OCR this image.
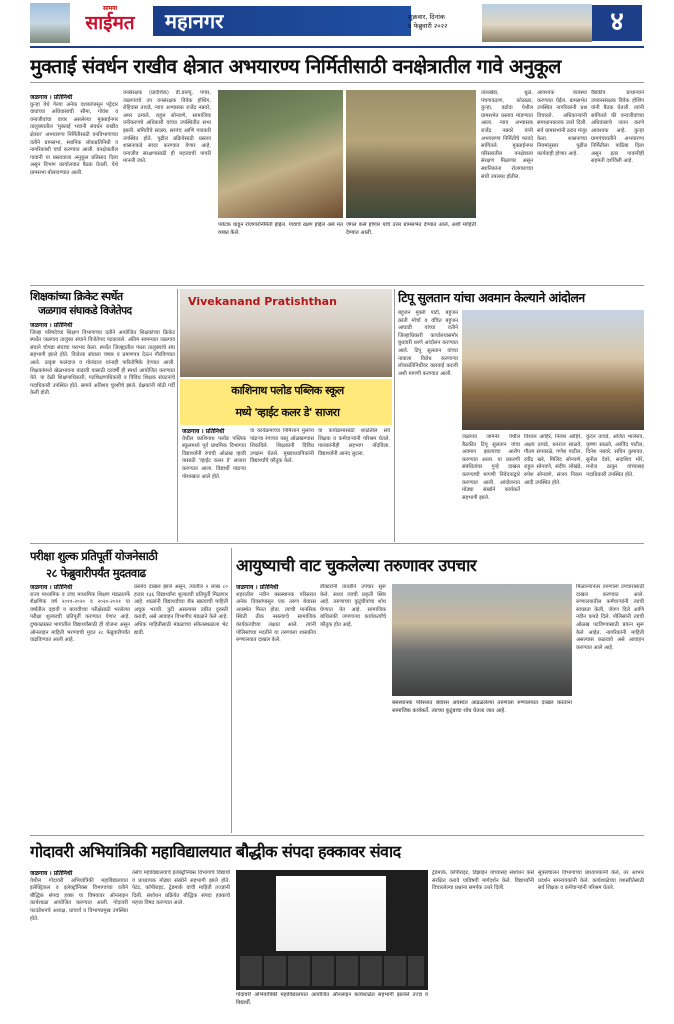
सामना
साईमत	महानगर	शुक्रवार, दिनांक
४ फेब्रुवारी २०२२	४
मुक्ताई संवर्धन राखीव क्षेत्रात अभयारण्य निर्मितीसाठी वनक्षेत्रातील गावे अनुकूल
जळगाव । प्रतिनिधी

कुऱ्हा येथे गेल्या अनेक दशकांपासून पट्टेदार वाघांच्या अधिवासाची सीमा, गोवंश व वन्यजीवांचा वावर असलेल्या मुक्ताईनगर तालुक्यातील 'मुक्ताई भवानी संवर्धन राखीव क्षेत्रात' अभयारण्य निर्मितीसाठी वनविभागाच्या वतीने ग्रामसभा, स्थानिक लोकप्रतिनिधी व नागरिकांशी चर्चा करण्यात आली. वनक्षेत्रातील गावांनी या प्रस्तावाला अनुकूल प्रतिसाद दिला असून विभाग कार्यालयात बैठक घेतली. येथे ग्रामसभा बोलावण्यात आली.

वनसंरक्षक (प्रादेशिक) डी.डब्ल्यू. पगार, जळगावचे उप वनसंरक्षक विवेक होशिंग, रोहिदास तायडे, न्याय अभ्यासक राजेंद्र नन्नवरे, अमर ठमाले, राहुल सोनवणे, सामाजिक वनीकरणचे अधिकारी यांच्या उपस्थितीत सभा झाली. समितीचे सदस्य, सरपंच आणि गावकरी उपस्थित होते. पुढील प्रक्रियेसाठी प्रस्ताव शासनाकडे सादर करण्यात येणार आहे. वन्यजीव संरक्षणासाठी ही महत्त्वाची पायरी मानली जाते.

पर्यटक धाडून रोजगारनिर्मिती होईल. गावाचे रक्षण होईल असे मत व्यक्त केले.
जंगल कसे होणार यांचे उत्तर ग्रामसभेत देण्यात आले, अशी माहिती देण्यात आली.

तालखेडा, धुळे, पंचगावठाण, कोठाळा, कुऱ्हा, वढोदा येथील ग्रामसभेत प्रस्ताव मांडण्यात आला. न्याय अभ्यासक राजेंद्र नन्नवरे यांनी अभयारण्य निर्मितीचे फायदे सांगितले. मुक्ताईनगर परिसरातील वनक्षेत्राला संरक्षण मिळणार असून स्थानिकांना रोजगाराच्या संधी उपलब्ध होतील.

आवश्यक व्यवस्था करण्यात येईल. ग्रामसभेत उपस्थित नागरिकांनी प्रश्न विचारले. अधिकाऱ्यांनी समाधानकारक उत्तरे दिली. सर्व ग्रामसभांनी ठराव मंजूर केला. शासनाच्या नियमांनुसार पुढील कार्यवाही होणार आहे.

वैद्यकीय प्राधान्याने उपवनसंरक्षक विवेक होशिंग यांनी बैठक घेतली. त्यांनी सांगितले की वन्यजीवांच्या अधिवासाचे जतन करणे आवश्यक आहे. कुऱ्हा ग्रामपंचायतीने अभयारण्य निर्मितीला पाठिंबा दिला असून इतर गावांनीही सहमती दर्शविली आहे.

शिक्षकांच्या क्रिकेट स्पर्धेत
जळगाव संघाकडे विजेतेपद
जळगाव । प्रतिनिधी

जिल्हा परिषदेच्या शिक्षण विभागाच्या वतीने आयोजित शिक्षकांच्या क्रिकेट स्पर्धेत जळगाव तालुका संघाने विजेतेपद पटकावले. अंतिम सामन्यात जळगाव संघाने चोपडा संघाचा पराभव केला. स्पर्धेत जिल्ह्यातील पंधरा तालुक्यांचे संघ सहभागी झाले होते. विजेत्या संघाला चषक व प्रमाणपत्र देऊन गौरविण्यात आले. उत्कृष्ट फलंदाज व गोलंदाज यांनाही पारितोषिके देण्यात आली. शिक्षकांमध्ये खेळभावना वाढावी यासाठी दरवर्षी ही स्पर्धा आयोजित करण्यात येते. या वेळी शिक्षणाधिकारी, गटशिक्षणाधिकारी व विविध शिक्षक संघटनांचे पदाधिकारी उपस्थित होते. सामने अतिशय चुरशीचे झाले. प्रेक्षकांनी मोठी गर्दी केली होती.

Vivekanand Pratishthan
काशिनाथ पलोड पब्लिक स्कूल
मध्ये 'व्हाईट कलर डे' साजरा
जळगाव । प्रतिनिधी

येथील काशिनाथ पलोड पब्लिक स्कूलमध्ये पूर्व प्राथमिक विभागात विद्यार्थ्यांनी रंगांची ओळख व्हावी यासाठी 'व्हाईट कलर डे' साजरा करण्यात आला. विद्यार्थी पांढऱ्या पोशाखात आले होते.

या कार्यक्रमाच्या निमित्ताने मुलांना पांढऱ्या रंगाच्या वस्तू ओळखण्यास शिकविले. शिक्षकांनी विविध उपक्रम घेतले. मुख्याध्यापिकांनी विद्यार्थ्यांचे कौतुक केले.

या कार्यक्रमासाठी शाळेतील सर्व शिक्षक व कर्मचाऱ्यांनी परिश्रम घेतले. पालकांनीही सहभाग नोंदविला. विद्यार्थ्यांनी आनंद लुटला.

टिपू सुलतान यांचा अवमान केल्याने आंदोलन

बहुजन मुक्ती पार्टी, बहुजन क्रांती मोर्चा व वंचित बहुजन आघाडी यांच्या वतीने जिल्हाधिकारी कार्यालयासमोर बुधवारी धरणे आंदोलन करण्यात आले. टिपू सुलतान यांच्या नावाला विरोध करणाऱ्या लोकप्रतिनिधींवर कारवाई करावी अशी मागणी करण्यात आली.

जळगाव जामनेर येथील बैठकीत टिपू सुलतान यांचा अवमान झाल्याचा आरोप करण्यात आला. या प्रकरणी संबंधितांवर गुन्हे दाखल करण्याची मागणी निवेदनाद्वारे करण्यात आली. आंदोलनात मोठ्या संख्येने कार्यकर्ते सहभागी झाले.

विशाल आहिरे, निलेश आहिरे, अक्षय तायडे, धनराज साळवे, गौतम सपकाळे, गणेश पाटील, रवींद्र खरे, मिलिंद सोनवणे, राहुल सोनवणे, संदीप लोखंडे, रुपेश सोनवणे, संजय निकम आदी उपस्थित होते.

कुंदन तायडे, अजित भालेराव, कृष्णा साळवे, अरविंद पाटील, दिनेश नन्नवरे, सचिन कुमावत, सुनील देवरे, सदाशिव मोरे, मनोज ठाकूर यांच्यासह पदाधिकारी उपस्थित होते.

परीक्षा शुल्क प्रतिपूर्ती योजनेसाठी
२८ फेब्रुवारीपर्यंत मुदतवाढ
जळगाव । प्रतिनिधी

राज्य माध्यमिक व उच्च माध्यमिक शिक्षण मंडळातर्फे शैक्षणिक वर्ष २०१९-२०२० व २०२०-२०२१ या वर्षांतील दहावी व बारावीच्या परीक्षेसाठी भरलेल्या परीक्षा शुल्काची प्रतिपूर्ती करण्यात येणार आहे. दुष्काळग्रस्त भागातील विद्यार्थ्यांसाठी ही योजना असून ऑनलाइन माहिती भरण्याची मुदत २८ फेब्रुवारीपर्यंत वाढविण्यात आली आहे.

प्रस्ताव दाखल झाले असून, त्यातील २ लाख ८० हजार १३६ विद्यार्थ्यांना शुल्काची प्रतिपूर्ती मिळणार आहे. शाळांनी विद्यार्थ्यांच्या बँक खात्याची माहिती अचूक भरावी. त्रुटी असल्यास त्वरित दुरुस्ती करावी, असे आवाहन विभागीय मंडळाने केले आहे. अधिक माहितीसाठी मंडळाच्या संकेतस्थळाला भेट द्यावी.

आयुष्याची वाट चुकलेल्या तरुणावर उपचार
जळगाव । प्रतिनिधी

शहरातील नवीन बसस्थानक परिसरात अनेक दिवसांपासून एक तरुण बेवारस अवस्थेत फिरत होता. त्याची मानसिक स्थिती ठीक नसल्याचे सामाजिक कार्यकर्त्यांच्या लक्षात आले. त्यांनी पोलिसांच्या मदतीने या तरुणाला शासकीय रुग्णालयात दाखल केले.

डॉक्टरांनी तातडीने उपचार सुरू केले. सध्या त्याची प्रकृती स्थिर आहे. तरुणाच्या कुटुंबीयांचा शोध घेण्यात येत आहे. सामाजिक बांधिलकी जपणाऱ्या कार्यकर्त्यांचे कौतुक होत आहे.

बसस्थानक परिसरात बेवारस अवस्थेत आढळलेल्या तरुणाला रुग्णालयात दाखल करताना सामाजिक कार्यकर्ते. त्याच्या कुटुंबाचा शोध घेतला जात आहे.

मिळाल्यानंतर तरुणाला उपचारासाठी दाखल करण्यात आले. रुग्णालयातील कर्मचाऱ्यांनी त्याची स्वच्छता केली, जेवण दिले आणि नवीन कपडे दिले. पोलिसांनी त्याची ओळख पटविण्यासाठी प्रयत्न सुरू केले आहेत. नागरिकांनी माहिती असल्यास कळवावे असे आवाहन करण्यात आले आहे.

गोदावरी अभियांत्रिकी महाविद्यालयात बौद्धीक संपदा हक्कावर संवाद
जळगाव । प्रतिनिधी

येथील गोदावरी अभियांत्रिकी महाविद्यालयात इलेक्ट्रिकल व इलेक्ट्रॉनिक्स विभागाच्या वतीने बौद्धिक संपदा हक्क या विषयावर ऑनलाइन कार्यशाळा आयोजित करण्यात आली. गोदावरी फाउंडेशनचे अध्यक्ष, प्राचार्य व विभागप्रमुख उपस्थित होते.

तसेच महाविद्यालयाचे इलेक्ट्रॉनिक्स विभागाचे विद्यार्थी व प्राध्यापक मोठ्या संख्येने सहभागी झाले होते. पेटंट, कॉपीराइट, ट्रेडमार्क यांची माहिती तज्ज्ञांनी दिली. संशोधन प्रक्रियेत बौद्धिक संपदा हक्काचे महत्त्व विषद करण्यात आले.

गोदावरी अभियांत्रिकी महाविद्यालयात आयोजित ऑनलाइन कार्यशाळेत सहभागी झालेले तज्ज्ञ व विद्यार्थी.

ट्रेडमार्क, कॉपीराइट, डिझाइन यांच्यासह संशोधन कसे संरक्षित करावे याविषयी मार्गदर्शन केले. विद्यार्थ्यांनी विचारलेल्या प्रश्नांना समर्पक उत्तरे दिली.

सूत्रसंचालन विभागाच्या प्राध्यापकांनी केले, तर आभार प्रदर्शन समन्वयकांनी केले. कार्यशाळेच्या यशस्वीतेसाठी सर्व शिक्षक व कर्मचाऱ्यांनी परिश्रम घेतले.
